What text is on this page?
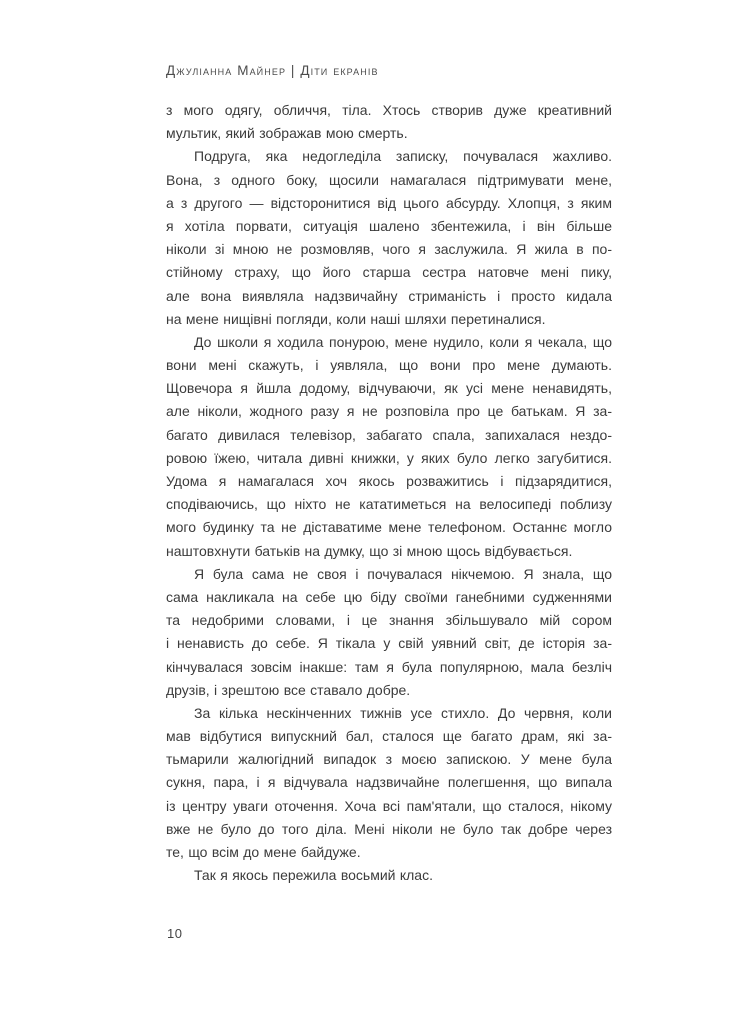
Джуліанна Майнер | Діти екранів
з мого одягу, обличчя, тіла. Хтось створив дуже креативний
мультик, який зображав мою смерть.
Подруга, яка недогледіла записку, почувалася жахливо.
Вона, з одного боку, щосили намагалася підтримувати мене,
а з другого — відсторонитися від цього абсурду. Хлопця, з яким
я хотіла порвати, ситуація шалено збентежила, і він більше
ніколи зі мною не розмовляв, чого я заслужила. Я жила в по-
стійному страху, що його старша сестра натовче мені пику,
але вона виявляла надзвичайну стриманість і просто кидала
на мене нищівні погляди, коли наші шляхи перетиналися.
До школи я ходила понурою, мене нудило, коли я чекала, що
вони мені скажуть, і уявляла, що вони про мене думають.
Щовечора я йшла додому, відчуваючи, як усі мене ненавидять,
але ніколи, жодного разу я не розповіла про це батькам. Я за-
багато дивилася телевізор, забагато спала, запихалася нездо-
ровою їжею, читала дивні книжки, у яких було легко загубитися.
Удома я намагалася хоч якось розважитись і підзарядитися,
сподіваючись, що ніхто не кататиметься на велосипеді поблизу
мого будинку та не діставатиме мене телефоном. Останнє могло
наштовхнути батьків на думку, що зі мною щось відбувається.
Я була сама не своя і почувалася нікчемою. Я знала, що
сама накликала на себе цю біду своїми ганебними судженнями
та недобрими словами, і це знання збільшувало мій сором
і ненависть до себе. Я тікала у свій уявний світ, де історія за-
кінчувалася зовсім інакше: там я була популярною, мала безліч
друзів, і зрештою все ставало добре.
За кілька нескінченних тижнів усе стихло. До червня, коли
мав відбутися випускний бал, сталося ще багато драм, які за-
тьмарили жалюгідний випадок з моєю запискою. У мене була
сукня, пара, і я відчувала надзвичайне полегшення, що випала
із центру уваги оточення. Хоча всі пам'ятали, що сталося, нікому
вже не було до того діла. Мені ніколи не було так добре через
те, що всім до мене байдуже.
Так я якось пережила восьмий клас.
10
